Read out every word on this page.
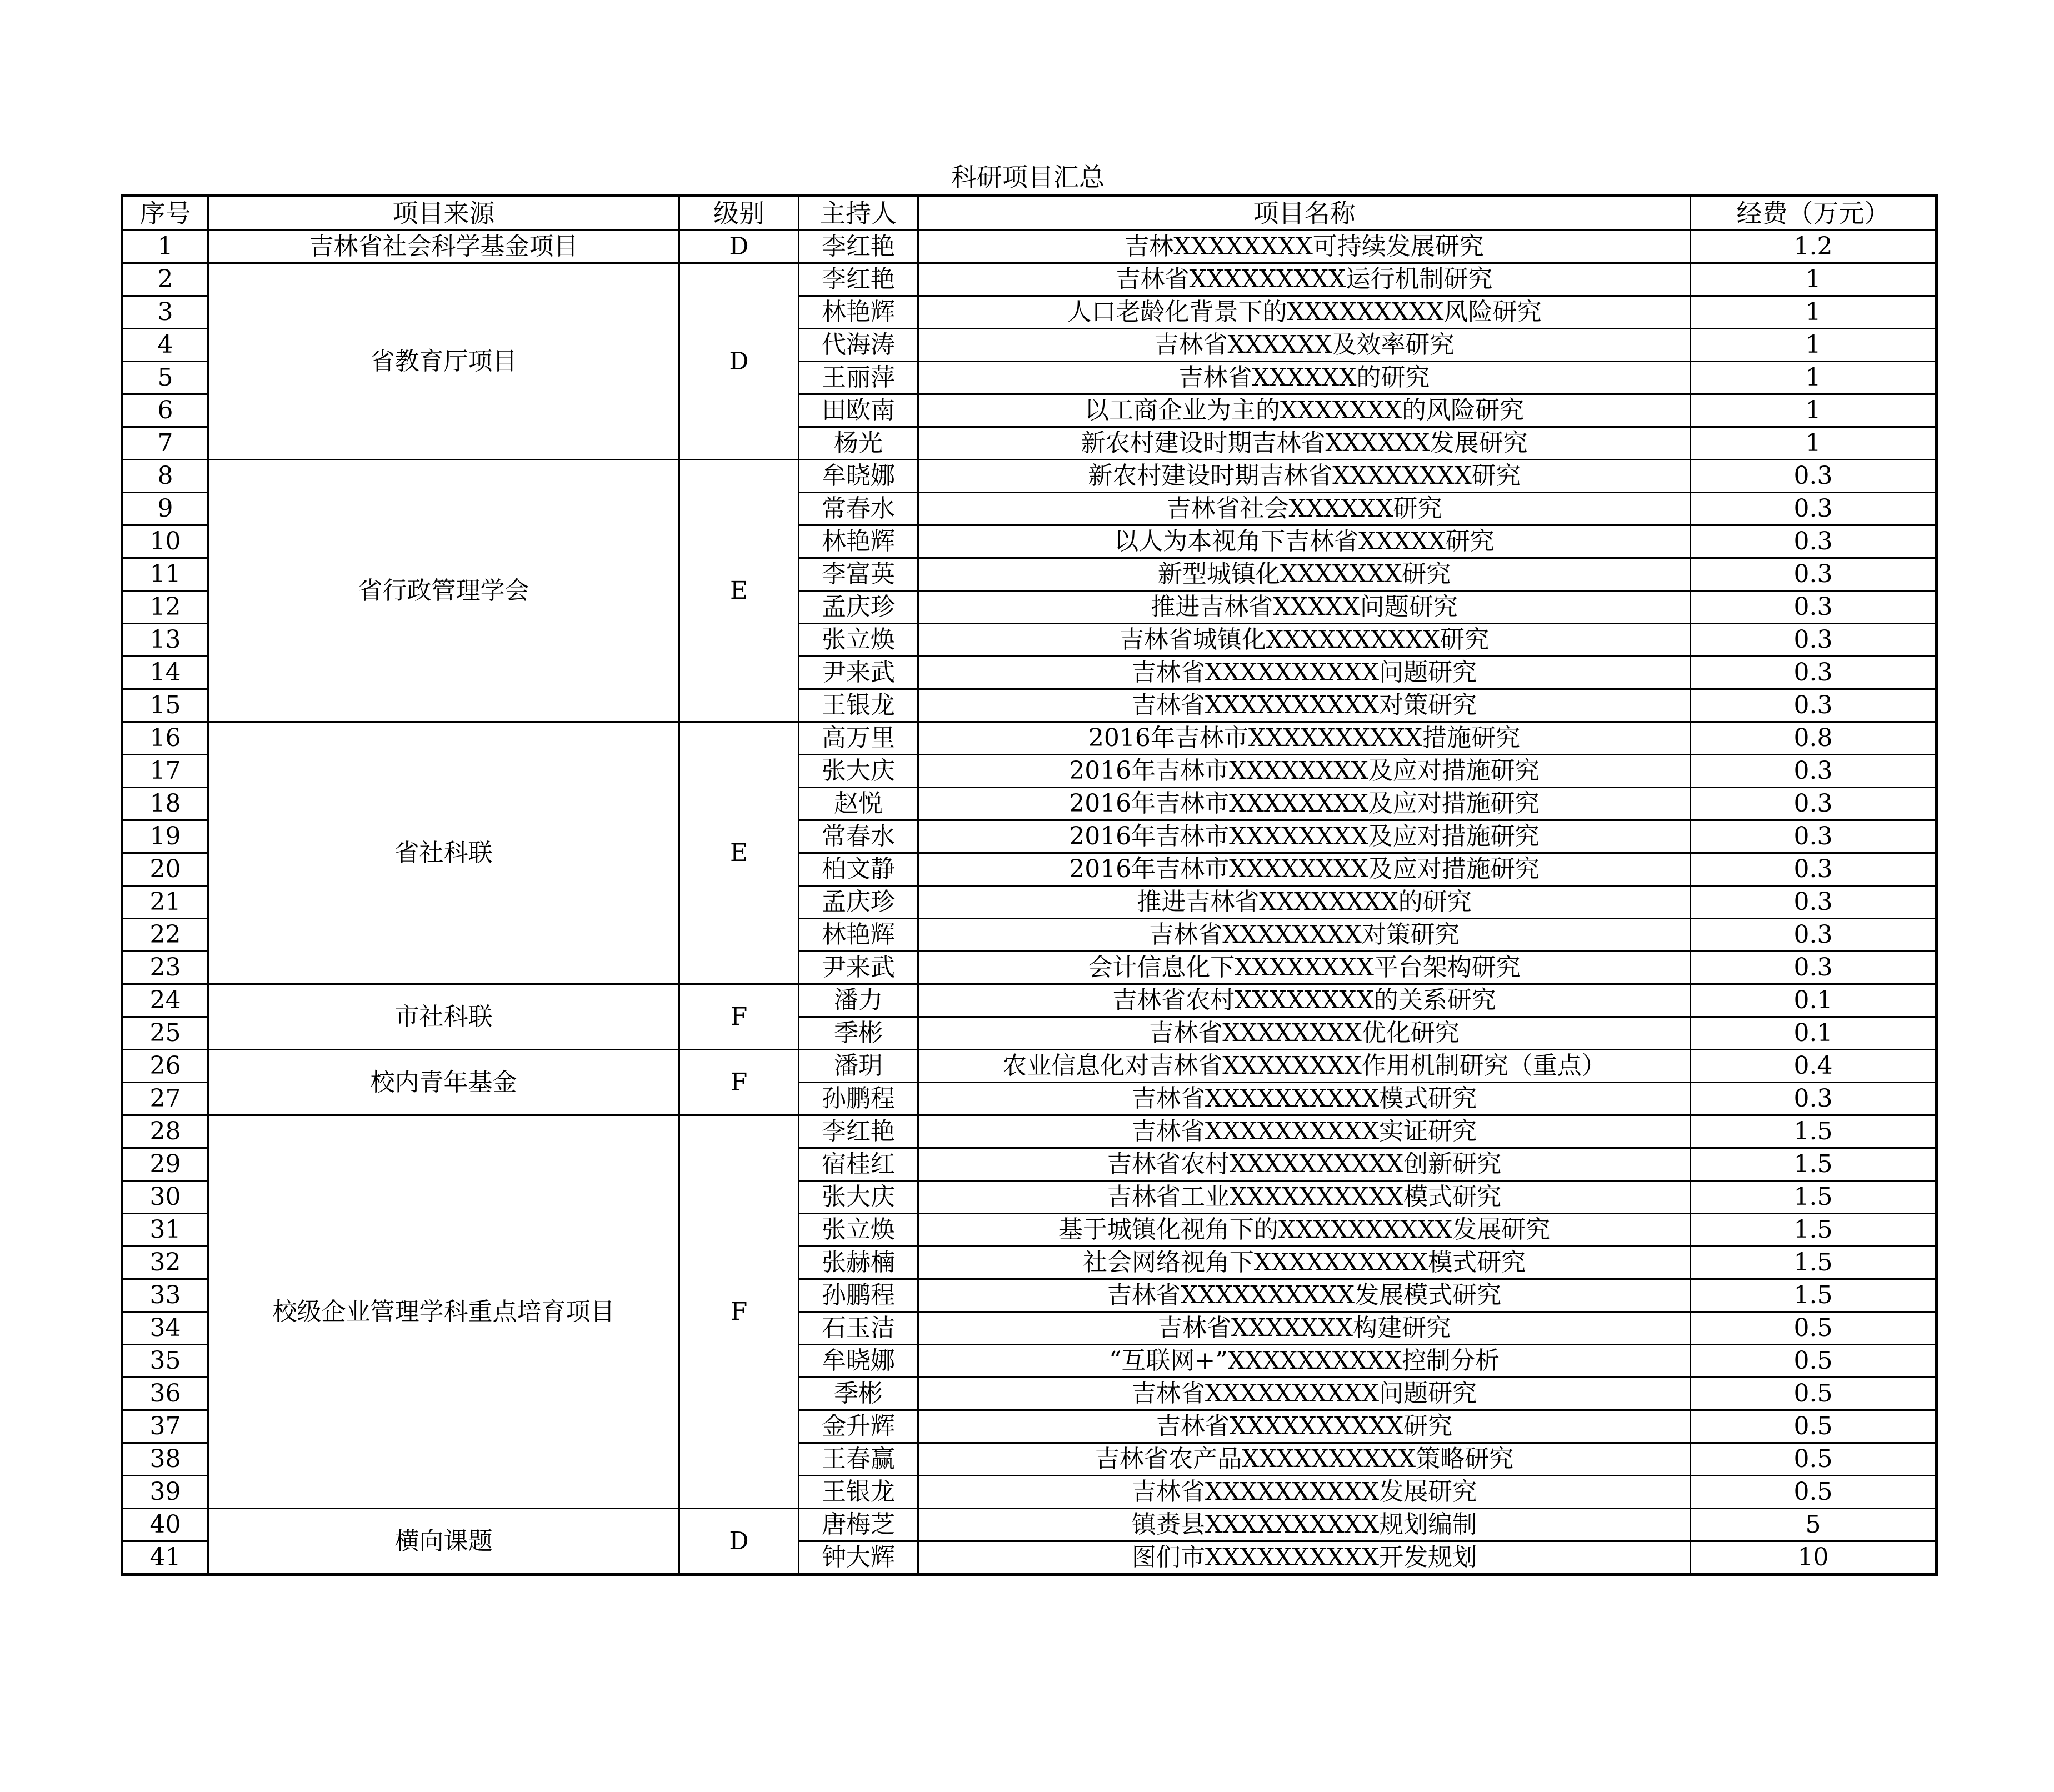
科研项目汇总
序号	项目来源	级别	主持人	项目名称	经费（万元）
1	吉林省社会科学基金项目	D	李红艳	吉林XXXXXXXX可持续发展研究	1.2
2	省教育厅项目	D	李红艳	吉林省XXXXXXXXX运行机制研究	1
3			林艳辉	人口老龄化背景下的XXXXXXXXX风险研究	1
4			代海涛	吉林省XXXXXX及效率研究	1
5			王丽萍	吉林省XXXXXX的研究	1
6			田欧南	以工商企业为主的XXXXXXX的风险研究	1
7			杨光	新农村建设时期吉林省XXXXXX发展研究	1
8	省行政管理学会	E	牟晓娜	新农村建设时期吉林省XXXXXXXX研究	0.3
9			常春水	吉林省社会XXXXXX研究	0.3
10			林艳辉	以人为本视角下吉林省XXXXX研究	0.3
11			李富英	新型城镇化XXXXXXX研究	0.3
12			孟庆珍	推进吉林省XXXXX问题研究	0.3
13			张立焕	吉林省城镇化XXXXXXXXXX研究	0.3
14			尹来武	吉林省XXXXXXXXXX问题研究	0.3
15			王银龙	吉林省XXXXXXXXXX对策研究	0.3
16	省社科联	E	高万里	2016年吉林市XXXXXXXXXX措施研究	0.8
17			张大庆	2016年吉林市XXXXXXXX及应对措施研究	0.3
18			赵悦	2016年吉林市XXXXXXXX及应对措施研究	0.3
19			常春水	2016年吉林市XXXXXXXX及应对措施研究	0.3
20			柏文静	2016年吉林市XXXXXXXX及应对措施研究	0.3
21			孟庆珍	推进吉林省XXXXXXXX的研究	0.3
22			林艳辉	吉林省XXXXXXXX对策研究	0.3
23			尹来武	会计信息化下XXXXXXXX平台架构研究	0.3
24	市社科联	F	潘力	吉林省农村XXXXXXXX的关系研究	0.1
25			季彬	吉林省XXXXXXXX优化研究	0.1
26	校内青年基金	F	潘玥	农业信息化对吉林省XXXXXXXX作用机制研究（重点）	0.4
27			孙鹏程	吉林省XXXXXXXXXX模式研究	0.3
28	校级企业管理学科重点培育项目	F	李红艳	吉林省XXXXXXXXXX实证研究	1.5
29			宿桂红	吉林省农村XXXXXXXXXX创新研究	1.5
30			张大庆	吉林省工业XXXXXXXXXX模式研究	1.5
31			张立焕	基于城镇化视角下的XXXXXXXXXX发展研究	1.5
32			张赫楠	社会网络视角下XXXXXXXXXX模式研究	1.5
33			孙鹏程	吉林省XXXXXXXXXX发展模式研究	1.5
34			石玉洁	吉林省XXXXXXX构建研究	0.5
35			牟晓娜	“互联网+”XXXXXXXXXX控制分析	0.5
36			季彬	吉林省XXXXXXXXXX问题研究	0.5
37			金升辉	吉林省XXXXXXXXXX研究	0.5
38			王春赢	吉林省农产品XXXXXXXXXX策略研究	0.5
39			王银龙	吉林省XXXXXXXXXX发展研究	0.5
40	横向课题	D	唐梅芝	镇赉县XXXXXXXXXX规划编制	5
41			钟大辉	图们市XXXXXXXXXX开发规划	10
